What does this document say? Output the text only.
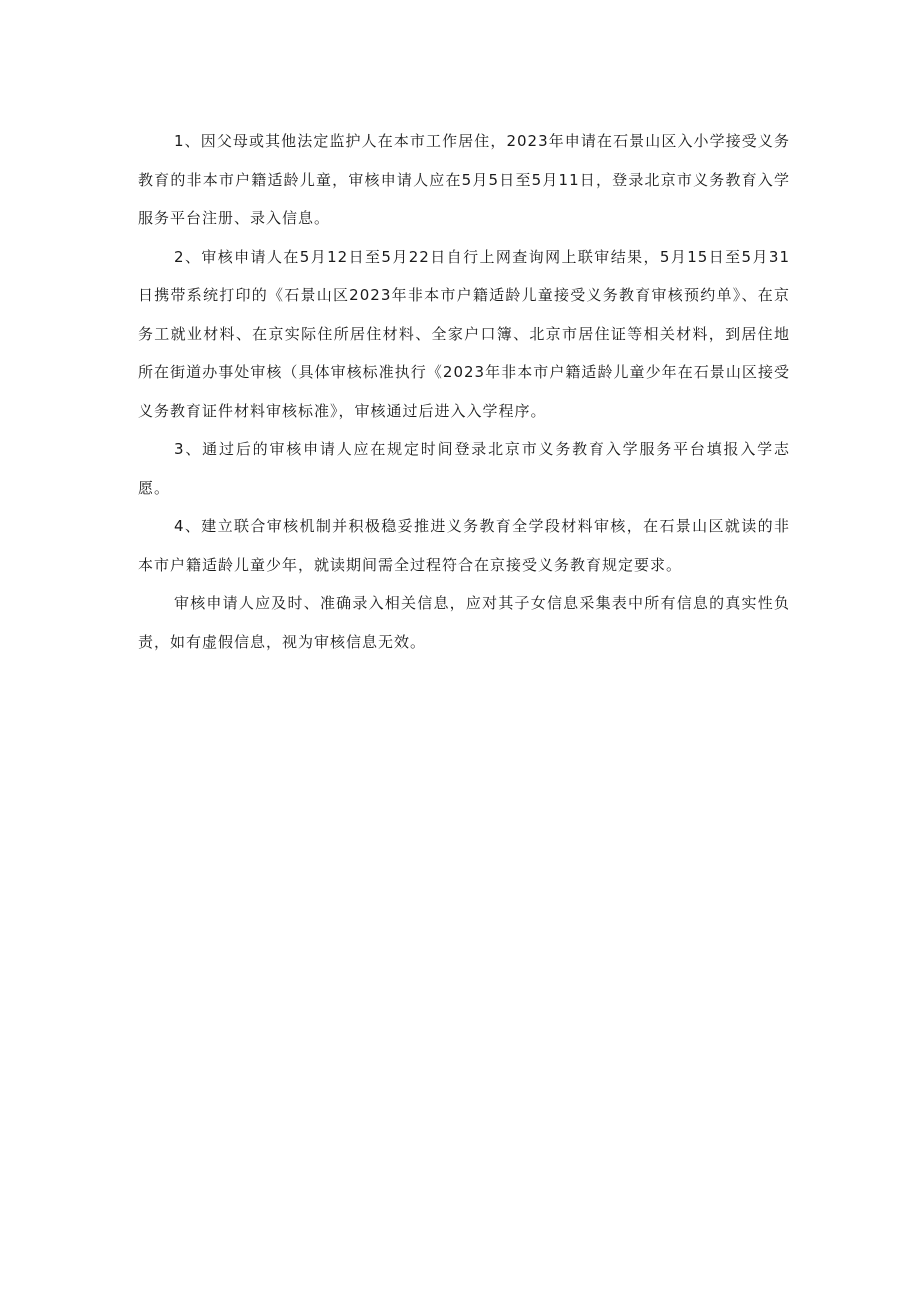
1、因父母或其他法定监护人在本市工作居住，2023年申请在石景山区入小学接受义务教育的非本市户籍适龄儿童，审核申请人应在5月5日至5月11日，登录北京市义务教育入学服务平台注册、录入信息。

2、审核申请人在5月12日至5月22日自行上网查询网上联审结果，5月15日至5月31日携带系统打印的《石景山区2023年非本市户籍适龄儿童接受义务教育审核预约单》、在京务工就业材料、在京实际住所居住材料、全家户口簿、北京市居住证等相关材料，到居住地所在街道办事处审核（具体审核标准执行《2023年非本市户籍适龄儿童少年在石景山区接受义务教育证件材料审核标准》，审核通过后进入入学程序。

3、通过后的审核申请人应在规定时间登录北京市义务教育入学服务平台填报入学志愿。

4、建立联合审核机制并积极稳妥推进义务教育全学段材料审核，在石景山区就读的非本市户籍适龄儿童少年，就读期间需全过程符合在京接受义务教育规定要求。

审核申请人应及时、准确录入相关信息，应对其子女信息采集表中所有信息的真实性负责，如有虚假信息，视为审核信息无效。
